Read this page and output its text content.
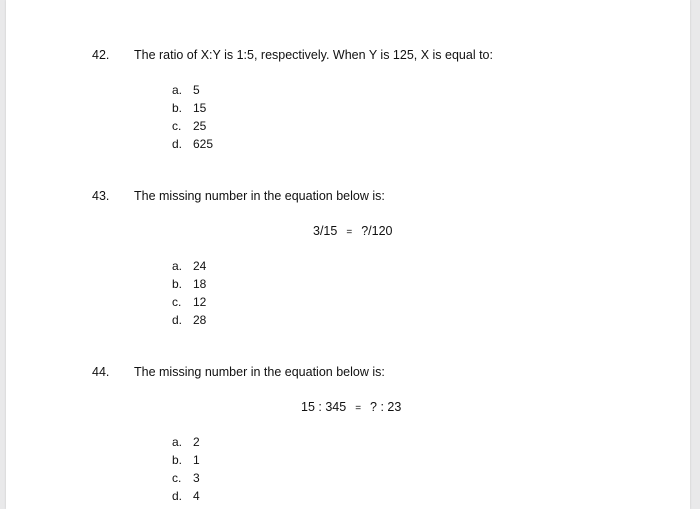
42. The ratio of X:Y is 1:5, respectively. When Y is 125, X is equal to:
a. 5
b. 15
c. 25
d. 625
43. The missing number in the equation below is:
3/15 = ?/120
a. 24
b. 18
c. 12
d. 28
44. The missing number in the equation below is:
15 : 345 = ? : 23
a. 2
b. 1
c. 3
d. 4
